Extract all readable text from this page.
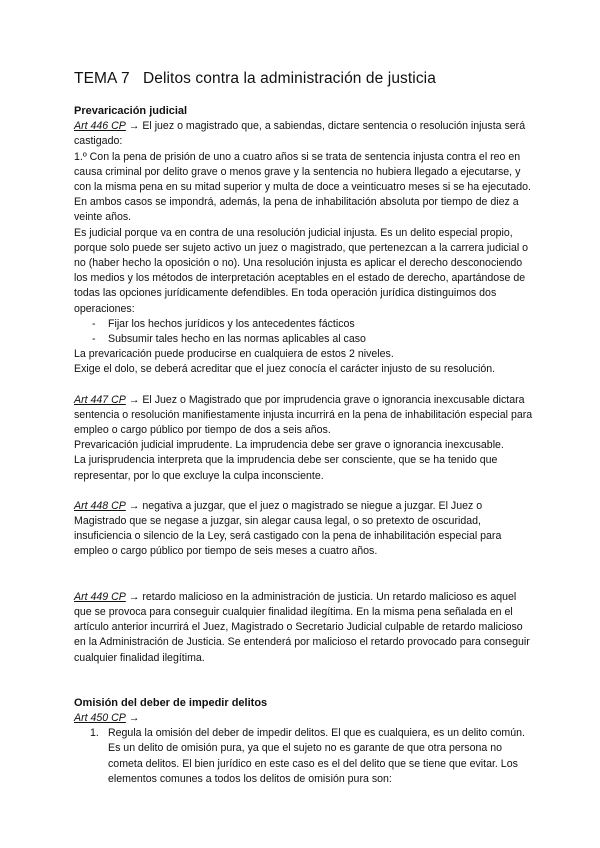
TEMA 7   Delitos contra la administración de justicia

Prevaricación judicial

Art 446 CP → El juez o magistrado que, a sabiendas, dictare sentencia o resolución injusta será castigado:

1.º Con la pena de prisión de uno a cuatro años si se trata de sentencia injusta contra el reo en causa criminal por delito grave o menos grave y la sentencia no hubiera llegado a ejecutarse, y con la misma pena en su mitad superior y multa de doce a veinticuatro meses si se ha ejecutado. En ambos casos se impondrá, además, la pena de inhabilitación absoluta por tiempo de diez a veinte años.

Es judicial porque va en contra de una resolución judicial injusta. Es un delito especial propio, porque solo puede ser sujeto activo un juez o magistrado, que pertenezcan a la carrera judicial o no (haber hecho la oposición o no). Una resolución injusta es aplicar el derecho desconociendo los medios y los métodos de interpretación aceptables en el estado de derecho, apartándose de todas las opciones jurídicamente defendibles. En toda operación jurídica distinguimos dos operaciones:

- Fijar los hechos jurídicos y los antecedentes fácticos
- Subsumir tales hecho en las normas aplicables al caso

La prevaricación puede producirse en cualquiera de estos 2 niveles.

Exige el dolo, se deberá acreditar que el juez conocía el carácter injusto de su resolución.

Art 447 CP → El Juez o Magistrado que por imprudencia grave o ignorancia inexcusable dictara sentencia o resolución manifiestamente injusta incurrirá en la pena de inhabilitación especial para empleo o cargo público por tiempo de dos a seis años.

Prevaricación judicial imprudente. La imprudencia debe ser grave o ignorancia inexcusable.

La jurisprudencia interpreta que la imprudencia debe ser consciente, que se ha tenido que representar, por lo que excluye la culpa inconsciente.

Art 448 CP → negativa a juzgar, que el juez o magistrado se niegue a juzgar. El Juez o Magistrado que se negase a juzgar, sin alegar causa legal, o so pretexto de oscuridad, insuficiencia o silencio de la Ley, será castigado con la pena de inhabilitación especial para empleo o cargo público por tiempo de seis meses a cuatro años.

Art 449 CP → retardo malicioso en la administración de justicia. Un retardo malicioso es aquel que se provoca para conseguir cualquier finalidad ilegítima. En la misma pena señalada en el artículo anterior incurrirá el Juez, Magistrado o Secretario Judicial culpable de retardo malicioso en la Administración de Justicia. Se entenderá por malicioso el retardo provocado para conseguir cualquier finalidad ilegítima.

Omisión del deber de impedir delitos

Art 450 CP →

1. Regula la omisión del deber de impedir delitos. El que es cualquiera, es un delito común. Es un delito de omisión pura, ya que el sujeto no es garante de que otra persona no cometa delitos. El bien jurídico en este caso es el del delito que se tiene que evitar. Los elementos comunes a todos los delitos de omisión pura son:
